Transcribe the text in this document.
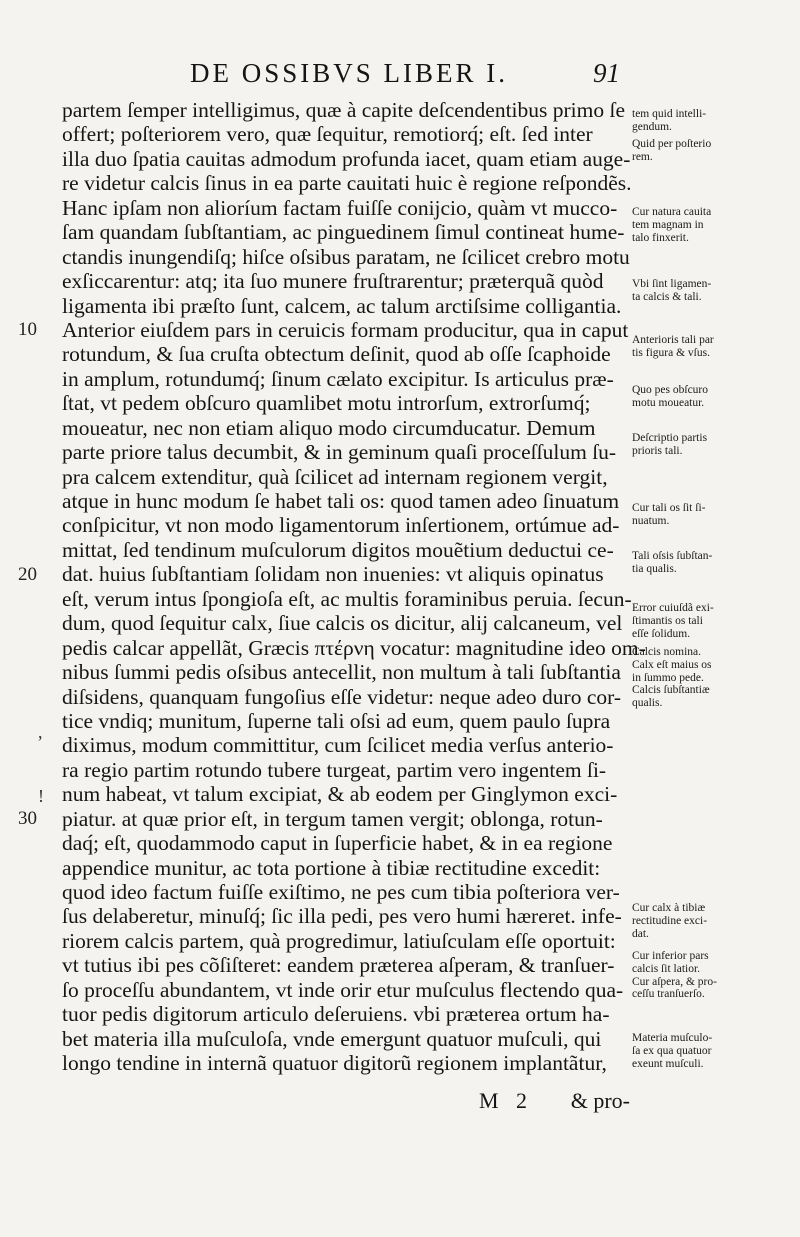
DE OSSIBVS LIBER I.	91
10
20
30
,
!
partem ſemper intelligimus, quæ à capite deſcendentibus primo ſe
offert; poſteriorem vero, quæ ſequitur, remotiorq́; eſt. ſed inter
illa duo ſpatia cauitas admodum profunda iacet, quam etiam auge-
re videtur calcis ſinus in ea parte cauitati huic è regione reſpondẽs.
Hanc ipſam non alioríum factam fuiſſe conijcio, quàm vt mucco-
ſam quandam ſubſtantiam, ac pinguedinem ſimul contineat hume-
ctandis inungendiſq; hiſce oſsibus paratam, ne ſcilicet crebro motu
exſiccarentur: atq; ita ſuo munere fruſtrarentur; præterquã quòd
ligamenta ibi præſto ſunt, calcem, ac talum arctiſsime colligantia.
Anterior eiuſdem pars in ceruicis formam producitur, qua in caput
rotundum, & ſua cruſta obtectum deſinit, quod ab oſſe ſcaphoide
in amplum, rotundumq́; ſinum cælato excipitur. Is articulus præ-
ſtat, vt pedem obſcuro quamlibet motu introrſum, extrorſumq́;
moueatur, nec non etiam aliquo modo circumducatur. Demum
parte priore talus decumbit, & in geminum quaſi proceſſulum ſu-
pra calcem extenditur, quà ſcilicet ad internam regionem vergit,
atque in hunc modum ſe habet tali os: quod tamen adeo ſinuatum
conſpicitur, vt non modo ligamentorum inſertionem, ortúmue ad-
mittat, ſed tendinum muſculorum digitos mouẽtium deductui ce-
dat. huius ſubſtantiam ſolidam non inuenies: vt aliquis opinatus
eſt, verum intus ſpongioſa eſt, ac multis foraminibus peruia. ſecun-
dum, quod ſequitur calx, ſiue calcis os dicitur, alij calcaneum, vel
pedis calcar appellãt, Græcis πτέρνη vocatur: magnitudine ideo om-
nibus ſummi pedis oſsibus antecellit, non multum à tali ſubſtantia
diſsidens, quanquam fungoſius eſſe videtur: neque adeo duro cor-
tice vndiq; munitum, ſuperne tali oſsi ad eum, quem paulo ſupra
diximus, modum committitur, cum ſcilicet media verſus anterio-
ra regio partim rotundo tubere turgeat, partim vero ingentem ſi-
num habeat, vt talum excipiat, & ab eodem per Ginglymon exci-
piatur. at quæ prior eſt, in tergum tamen vergit; oblonga, rotun-
daq́; eſt, quodammodo caput in ſuperficie habet, & in ea regione
appendice munitur, ac tota portione à tibiæ rectitudine excedit:
quod ideo factum fuiſſe exiſtimo, ne pes cum tibia poſteriora ver-
ſus delaberetur, minuſq́; ſic illa pedi, pes vero humi hæreret. infe-
riorem calcis partem, quà progredimur, latiuſculam eſſe oportuit:
vt tutius ibi pes cõſiſteret: eandem præterea aſperam, & tranſuer-
ſo proceſſu abundantem, vt inde orir etur muſculus flectendo qua-
tuor pedis digitorum articulo deſeruiens. vbi præterea ortum ha-
bet materia illa muſculoſa, vnde emergunt quatuor muſculi, qui
longo tendine in internã quatuor digitorũ regionem implantãtur,
tem quid intelli-
gendum.
Quid per poſterio
rem.
Cur natura cauita
tem magnam in
talo finxerit.
Vbi ſint ligamen-
ta calcis & tali.
Anterioris tali par
tis figura & vſus.
Quo pes obſcuro
motu moueatur.
Deſcriptio partis
prioris tali.
Cur tali os ſit ſi-
nuatum.
Tali oſsis ſubſtan-
tia qualis.
Error cuiuſdã exi-
ſtimantis os tali
eſſe ſolidum.
Calcis nomina.
Calx eſt maius os
in ſummo pede.
Calcis ſubſtantiæ
qualis.
Cur calx à tibiæ
rectitudine exci-
dat.
Cur inferior pars
calcis ſit latior.
Cur aſpera, & pro-
ceſſu tranſuerſo.
Materia muſculo-
ſa ex qua quatuor
exeunt muſculi.
M 2 & pro-
